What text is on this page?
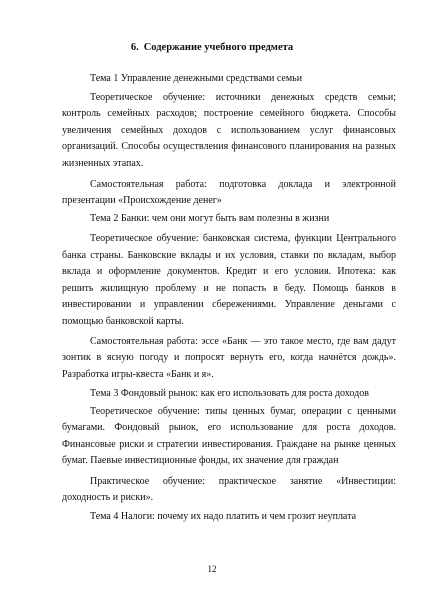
6. Содержание учебного предмета
Тема 1 Управление денежными средствами семьи
Теоретическое обучение: источники денежных средств семьи;
контроль семейных расходов; построение семейного бюджета. Способы
увеличения семейных доходов с использованием услуг финансовых
организаций. Способы осуществления финансового планирования на разных
жизненных этапах.
Самостоятельная работа: подготовка доклада и электронной
презентации «Происхождение денег»
Тема 2 Банки: чем они могут быть вам полезны в жизни
Теоретическое обучение: банковская система, функции Центрального
банка страны. Банковские вклады и их условия, ставки по вкладам, выбор
вклада и оформление документов. Кредит и его условия. Ипотека: как
решить жилищную проблему и не попасть в беду. Помощь банков в
инвестировании и управлении сбережениями. Управление деньгами с
помощью банковской карты.
Самостоятельная работа: эссе «Банк — это такое место, где вам дадут
зонтик в ясную погоду и попросят вернуть его, когда начнётся дождь».
Разработка игры-квеста «Банк и я».
Тема 3 Фондовый рынок: как его использовать для роста доходов
Теоретическое обучение: типы ценных бумаг, операции с ценными
бумагами. Фондовый рынок, его использование для роста доходов.
Финансовые риски и стратегии инвестирования. Граждане на рынке ценных
бумаг. Паевые инвестиционные фонды, их значение для граждан
Практическое обучение: практическое занятие «Инвестиции:
доходность и риски».
Тема 4 Налоги: почему их надо платить и чем грозит неуплата
12
